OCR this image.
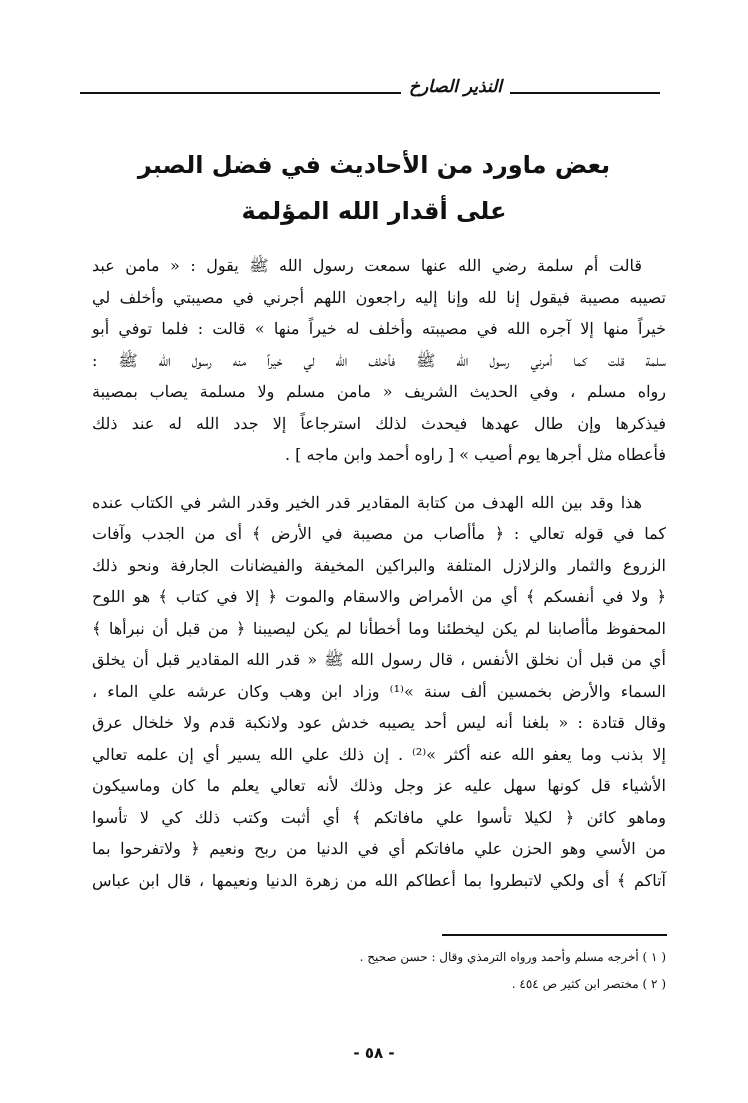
النذير الصارخ
بعض ماورد من الأحاديث في فضل الصبر
على أقدار الله المؤلمة
قالت أم سلمة رضي الله عنها سمعت رسول الله ﷺ يقول : « مامن عبد
تصيبه مصيبة فيقول إنا لله وإنا إليه راجعون اللهم أجرني في مصيبتي وأخلف لي
خيراً منها إلا آجره الله في مصيبته وأخلف له خيراً منها » قالت : فلما توفي أبو
سلمة قلت كما أمرني رسول الله ﷺ فأخلف الله لي خيراً منه رسول الله ﷺ :
رواه مسلم ، وفي الحديث الشريف « مامن مسلم ولا مسلمة يصاب بمصيبة
فيذكرها وإن طال عهدها فيحدث لذلك استرجاعاً إلا جدد الله له عند ذلك
فأعطاه مثل أجرها يوم أصيب » [ راوه أحمد وابن ماجه ] .
هذا وقد بين الله الهدف من كتابة المقادير قدر الخير وقدر الشر في الكتاب عنده
كما في قوله تعالي : ﴿ مأأصاب من مصيبة في الأرض ﴾ أى من الجدب وآفات
الزروع والثمار والزلازل المتلفة والبراكين المخيفة والفيضانات الجارفة ونحو ذلك
﴿ ولا في أنفسكم ﴾ أي من الأمراض والاسقام والموت ﴿ إلا في كتاب ﴾ هو اللوح
المحفوظ مأأصابنا لم يكن ليخطئنا وما أخطأنا لم يكن ليصيبنا ﴿ من قبل أن نبرأها ﴾
أي من قبل أن نخلق الأنفس ، قال رسول الله ﷺ « قدر الله المقادير قبل أن يخلق
السماء والأرض بخمسين ألف سنة »⁽¹⁾ وزاد ابن وهب وكان عرشه علي الماء ،
وقال قتادة : « بلغنا أنه ليس أحد يصيبه خدش عود ولانكبة قدم ولا خلخال عرق
إلا بذنب وما يعفو الله عنه أكثر »⁽²⁾ . إن ذلك علي الله يسير أي إن علمه تعالي
الأشياء قل كونها سهل عليه عز وجل وذلك لأنه تعالي يعلم ما كان وماسيكون
وماهو كائن ﴿ لكيلا تأسوا علي مافاتكم ﴾ أي أثبت وكتب ذلك كي لا تأسوا
من الأسي وهو الحزن علي مافاتكم أي في الدنيا من ربح ونعيم ﴿ ولاتفرحوا بما
آتاكم ﴾ أى ولكي لاتبطروا بما أعطاكم الله من زهرة الدنيا ونعيمها ، قال ابن عباس
( ١ ) أخرجه مسلم وأحمد ورواه الترمذي وقال : حسن صحيح .
( ٢ ) مختصر ابن كثير ص ٤٥٤ .
- ٥٨ -
